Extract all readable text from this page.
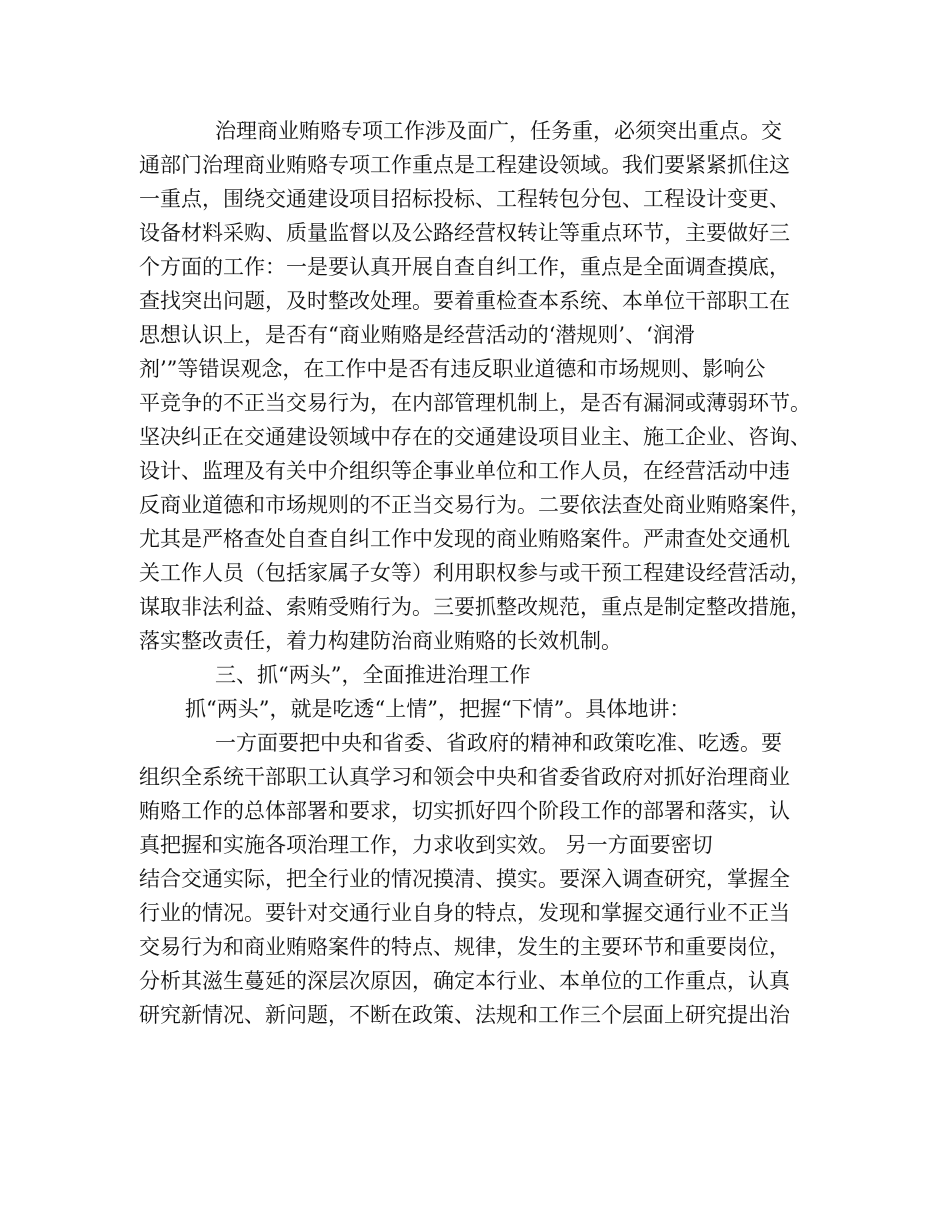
治理商业贿赂专项工作涉及面广，任务重，必须突出重点。交
通部门治理商业贿赂专项工作重点是工程建设领域。我们要紧紧抓住这
一重点，围绕交通建设项目招标投标、工程转包分包、工程设计变更、
设备材料采购、质量监督以及公路经营权转让等重点环节，主要做好三
个方面的工作：一是要认真开展自查自纠工作，重点是全面调查摸底，
查找突出问题，及时整改处理。要着重检查本系统、本单位干部职工在
思想认识上，是否有“商业贿赂是经营活动的‘潜规则’、‘润滑
剂’”等错误观念，在工作中是否有违反职业道德和市场规则、影响公
平竞争的不正当交易行为，在内部管理机制上，是否有漏洞或薄弱环节。
坚决纠正在交通建设领域中存在的交通建设项目业主、施工企业、咨询、
设计、监理及有关中介组织等企事业单位和工作人员，在经营活动中违
反商业道德和市场规则的不正当交易行为。二要依法查处商业贿赂案件，
尤其是严格查处自查自纠工作中发现的商业贿赂案件。严肃查处交通机
关工作人员（包括家属子女等）利用职权参与或干预工程建设经营活动，
谋取非法利益、索贿受贿行为。三要抓整改规范，重点是制定整改措施，
落实整改责任，着力构建防治商业贿赂的长效机制。
三、抓“两头”，全面推进治理工作
抓“两头”，就是吃透“上情”，把握“下情”。具体地讲：
一方面要把中央和省委、省政府的精神和政策吃准、吃透。要
组织全系统干部职工认真学习和领会中央和省委省政府对抓好治理商业
贿赂工作的总体部署和要求，切实抓好四个阶段工作的部署和落实，认
真把握和实施各项治理工作，力求收到实效。 另一方面要密切
结合交通实际，把全行业的情况摸清、摸实。要深入调查研究，掌握全
行业的情况。要针对交通行业自身的特点，发现和掌握交通行业不正当
交易行为和商业贿赂案件的特点、规律，发生的主要环节和重要岗位，
分析其滋生蔓延的深层次原因，确定本行业、本单位的工作重点，认真
研究新情况、新问题，不断在政策、法规和工作三个层面上研究提出治
